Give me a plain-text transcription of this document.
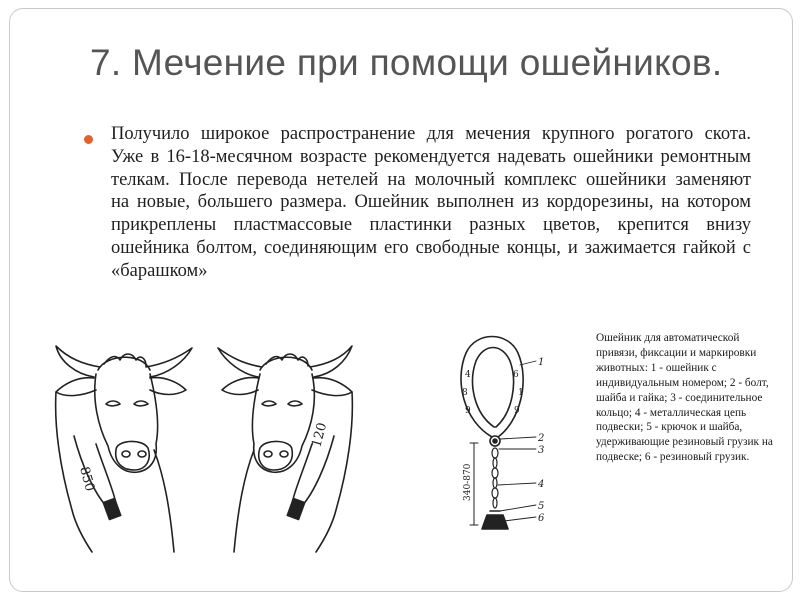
7. Мечение при помощи ошейников.

Получило широкое распространение для мечения крупного рогатого скота. Уже в 16-18-месячном возрасте рекомендуется надевать ошейники ремонтным телкам. После перевода нетелей на молочный комплекс ошейники заменяют на новые, большего размера. Ошейник выполнен из кордорезины, на котором прикреплены пластмассовые пластинки разных цветов, крепится внизу ошейника болтом, соединяющим его свободные концы, и зажимается гайкой с «барашком»

850
120
4
8
9
6
1
9
340-870
1
2
3
4
5
6

Ошейник для автоматической привязи, фиксации и маркировки животных: 1 - ошейник с индивидуальным номером; 2 - болт, шайба и гайка; 3 - соединительное кольцо; 4 - металлическая цепь подвески; 5 - крючок и шайба, удерживающие резиновый грузик на подвеске; 6 - резиновый грузик.
